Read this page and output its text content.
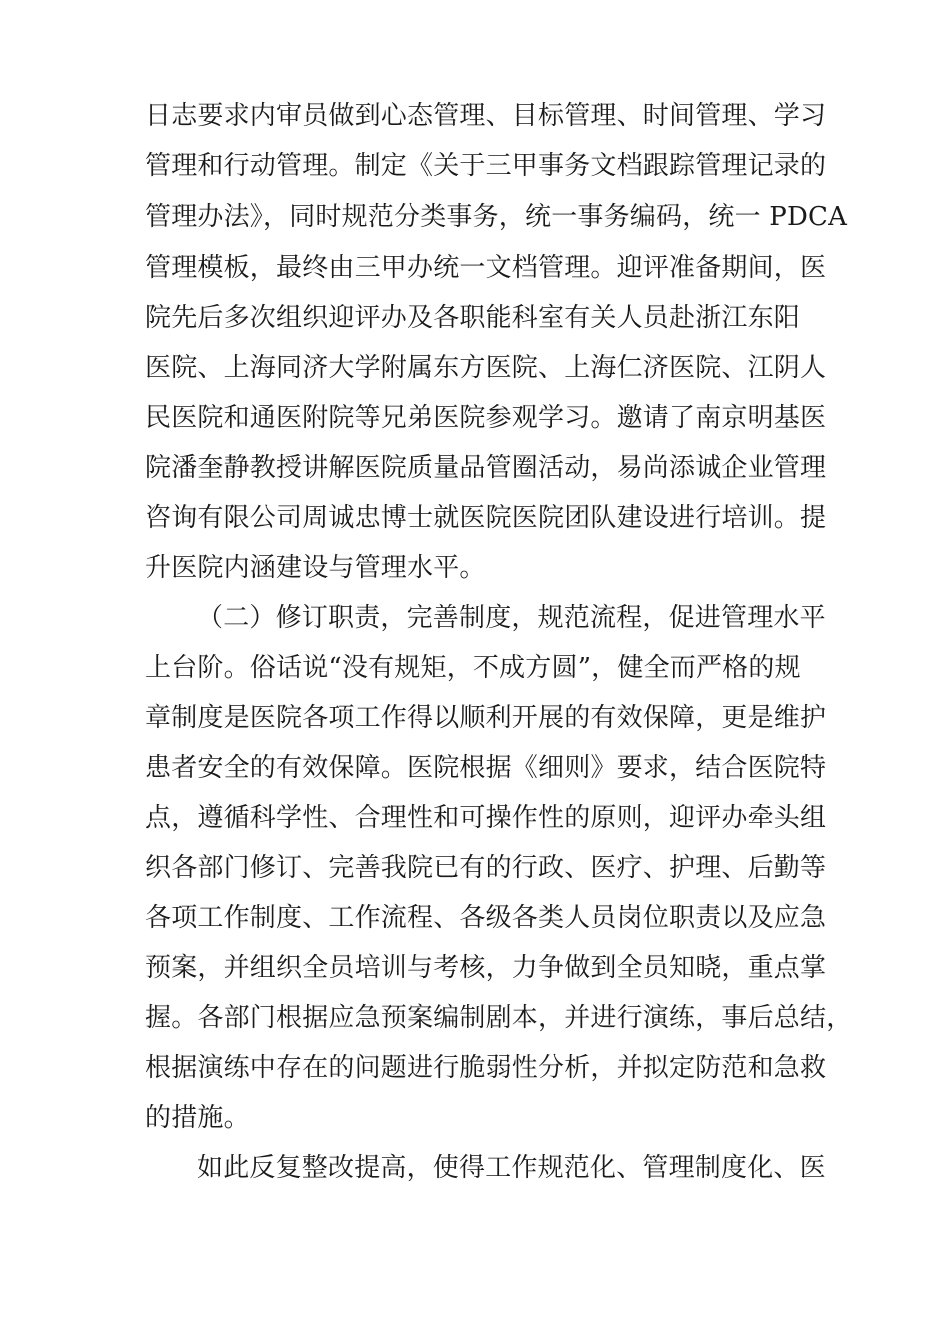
日志要求内审员做到心态管理、目标管理、时间管理、学习
管理和行动管理。制定《关于三甲事务文档跟踪管理记录的
管理办法》，同时规范分类事务，统一事务编码，统一 PDCA
管理模板，最终由三甲办统一文档管理。迎评准备期间，医
院先后多次组织迎评办及各职能科室有关人员赴浙江东阳
医院、上海同济大学附属东方医院、上海仁济医院、江阴人
民医院和通医附院等兄弟医院参观学习。邀请了南京明基医
院潘奎静教授讲解医院质量品管圈活动，易尚添诚企业管理
咨询有限公司周诚忠博士就医院医院团队建设进行培训。提
升医院内涵建设与管理水平。
（二）修订职责，完善制度，规范流程，促进管理水平
上台阶。俗话说“没有规矩，不成方圆”，健全而严格的规
章制度是医院各项工作得以顺利开展的有效保障，更是维护
患者安全的有效保障。医院根据《细则》要求，结合医院特
点，遵循科学性、合理性和可操作性的原则，迎评办牵头组
织各部门修订、完善我院已有的行政、医疗、护理、后勤等
各项工作制度、工作流程、各级各类人员岗位职责以及应急
预案，并组织全员培训与考核，力争做到全员知晓，重点掌
握。各部门根据应急预案编制剧本，并进行演练，事后总结，
根据演练中存在的问题进行脆弱性分析，并拟定防范和急救
的措施。
如此反复整改提高，使得工作规范化、管理制度化、医
